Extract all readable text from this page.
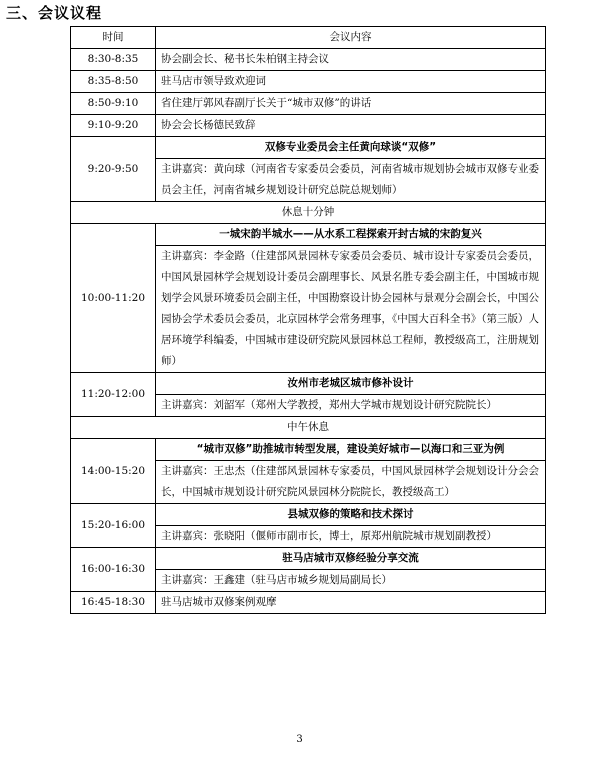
三、会议议程
时间	会议内容
8:30-8:35	协会副会长、秘书长朱柏钢主持会议
8:35-8:50	驻马店市领导致欢迎词
8:50-9:10	省住建厅郭风春副厅长关于“城市双修”的讲话
9:10-9:20	协会会长杨德民致辞
9:20-9:50	双修专业委员会主任黄向球谈“双修”
主讲嘉宾：黄向球（河南省专家委员会委员，河南省城市规划协会城市双修专业委员会主任，河南省城乡规划设计研究总院总规划师）

休息十分钟	
10:00-11:20	一城宋韵半城水——从水系工程探索开封古城的宋韵复兴
主讲嘉宾：李金路（住建部风景园林专家委员会委员、城市设计专家委员会委员，中国风景园林学会规划设计委员会副理事长、风景名胜专委会副主任，中国城市规划学会风景环境委员会副主任，中国勘察设计协会园林与景观分会副会长，中国公园协会学术委员会委员，北京园林学会常务理事，《中国大百科全书》（第三版）人居环境学科编委，中国城市建设研究院风景园林总工程师，教授级高工，注册规划师）

11:20-12:00	汝州市老城区城市修补设计
主讲嘉宾：刘韶军（郑州大学教授，郑州大学城市规划设计研究院院长）

中午休息	
14:00-15:20	“城市双修”助推城市转型发展，建设美好城市—以海口和三亚为例
主讲嘉宾：王忠杰（住建部风景园林专家委员，中国风景园林学会规划设计分会会长，中国城市规划设计研究院风景园林分院院长，教授级高工）

15:20-16:00	县城双修的策略和技术探讨
主讲嘉宾：张晓阳（偃师市副市长，博士，原郑州航院城市规划副教授）

16:00-16:30	驻马店城市双修经验分享交流
主讲嘉宾：王鑫建（驻马店市城乡规划局副局长）

16:45-18:30	驻马店城市双修案例观摩
3
